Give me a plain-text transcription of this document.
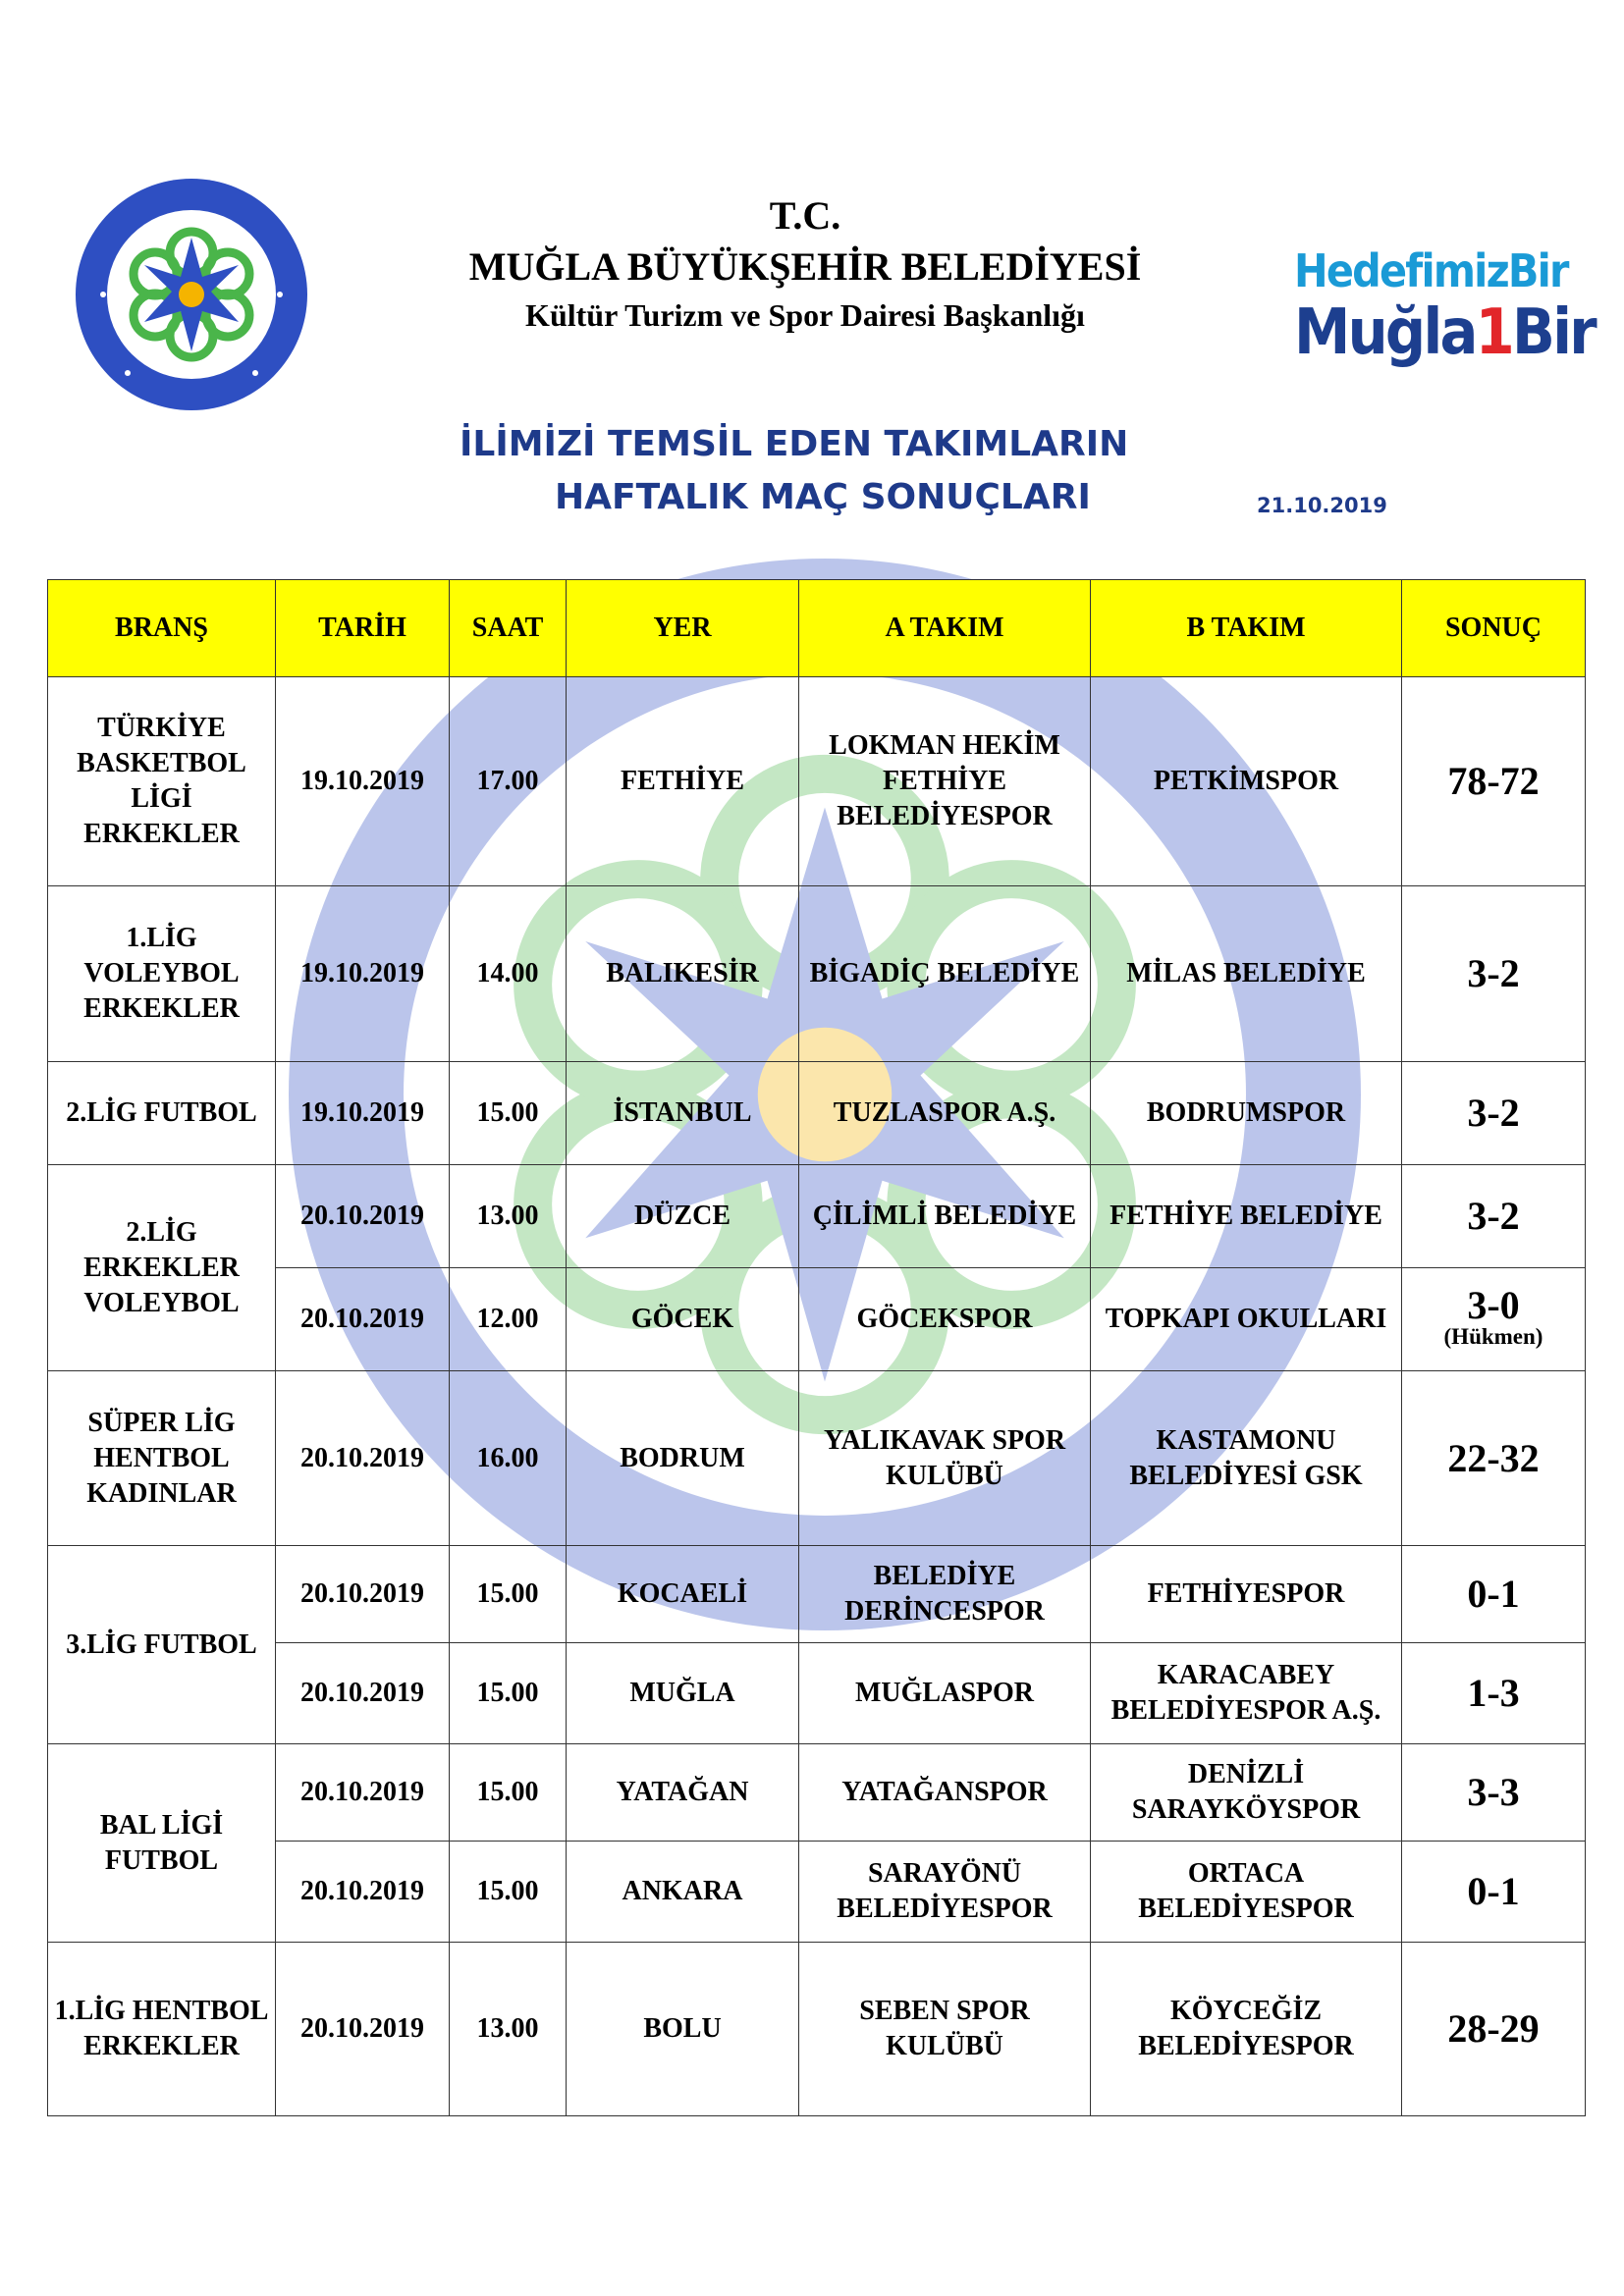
T.C.
MUĞLA BÜYÜKŞEHİR BELEDİYESİ
Kültür Turizm ve Spor Dairesi Başkanlığı
HedefimizBir
Muğla1Bir
İLİMİZİ TEMSİL EDEN TAKIMLARIN
HAFTALIK MAÇ SONUÇLARI	21.10.2019
BRANŞ	TARİH	SAAT	YER	A TAKIM	B TAKIM	SONUÇ
TÜRKİYE BASKETBOL LİGİ ERKEKLER	19.10.2019	17.00	FETHİYE	LOKMAN HEKİM FETHİYE BELEDİYESPOR	PETKİMSPOR	78-72
1.LİG VOLEYBOL ERKEKLER	19.10.2019	14.00	BALIKESİR	BİGADİÇ BELEDİYE	MİLAS BELEDİYE	3-2
2.LİG FUTBOL	19.10.2019	15.00	İSTANBUL	TUZLASPOR A.Ş.	BODRUMSPOR	3-2
2.LİG ERKEKLER VOLEYBOL	20.10.2019	13.00	DÜZCE	ÇİLİMLİ BELEDİYE	FETHİYE BELEDİYE	3-2
	20.10.2019	12.00	GÖCEK	GÖCEKSPOR	TOPKAPI OKULLARI	3-0
(Hükmen)

SÜPER LİG HENTBOL KADINLAR	20.10.2019	16.00	BODRUM	YALIKAVAK SPOR KULÜBÜ	KASTAMONU BELEDİYESİ GSK	22-32
3.LİG FUTBOL	20.10.2019	15.00	KOCAELİ	BELEDİYE DERİNCESPOR	FETHİYESPOR	0-1
	20.10.2019	15.00	MUĞLA	MUĞLASPOR	KARACABEY BELEDİYESPOR A.Ş.	1-3
BAL LİGİ FUTBOL	20.10.2019	15.00	YATAĞAN	YATAĞANSPOR	DENİZLİ SARAYKÖYSPOR	3-3
	20.10.2019	15.00	ANKARA	SARAYÖNÜ BELEDİYESPOR	ORTACA BELEDİYESPOR	0-1
1.LİG HENTBOL ERKEKLER	20.10.2019	13.00	BOLU	SEBEN SPOR KULÜBÜ	KÖYCEĞİZ BELEDİYESPOR	28-29
